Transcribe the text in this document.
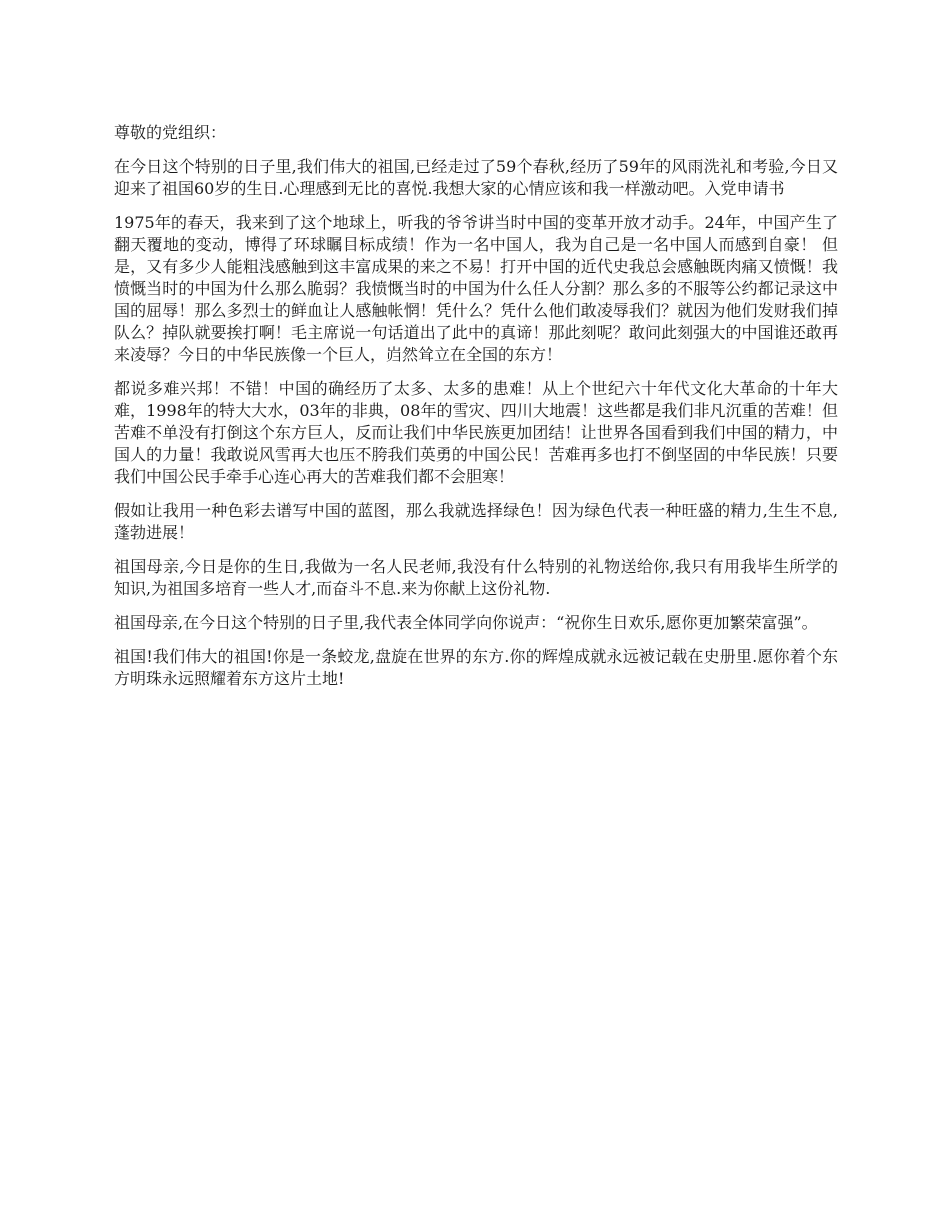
尊敬的党组织：

在今日这个特别的日子里,我们伟大的祖国,已经走过了59个春秋,经历了59年的风雨洗礼和考验,今日又迎来了祖国60岁的生日.心理感到无比的喜悦.我想大家的心情应该和我一样激动吧。入党申请书

1975年的春天，我来到了这个地球上，听我的爷爷讲当时中国的变革开放才动手。24年，中国产生了翻天覆地的变动，博得了环球瞩目标成绩！作为一名中国人，我为自己是一名中国人而感到自豪！ 但是，又有多少人能粗浅感触到这丰富成果的来之不易！打开中国的近代史我总会感触既肉痛又愤慨！我愤慨当时的中国为什么那么脆弱？我愤慨当时的中国为什么任人分割？那么多的不服等公约都记录这中国的屈辱！那么多烈士的鲜血让人感触帐惘！凭什么？凭什么他们敢凌辱我们？就因为他们发财我们掉队么？掉队就要挨打啊！毛主席说一句话道出了此中的真谛！那此刻呢？敢问此刻强大的中国谁还敢再来凌辱？今日的中华民族像一个巨人，岿然耸立在全国的东方！

都说多难兴邦！不错！中国的确经历了太多、太多的患难！从上个世纪六十年代文化大革命的十年大难，1998年的特大大水，03年的非典，08年的雪灾、四川大地震！这些都是我们非凡沉重的苦难！但苦难不单没有打倒这个东方巨人，反而让我们中华民族更加团结！让世界各国看到我们中国的精力，中国人的力量！我敢说风雪再大也压不胯我们英勇的中国公民！苦难再多也打不倒坚固的中华民族！只要我们中国公民手牵手心连心再大的苦难我们都不会胆寒！

假如让我用一种色彩去谱写中国的蓝图，那么我就选择绿色！因为绿色代表一种旺盛的精力,生生不息,蓬勃进展！

祖国母亲,今日是你的生日,我做为一名人民老师,我没有什么特别的礼物送给你,我只有用我毕生所学的知识,为祖国多培育一些人才,而奋斗不息.来为你献上这份礼物.

祖国母亲,在今日这个特别的日子里,我代表全体同学向你说声：“祝你生日欢乐,愿你更加繁荣富强”。

祖国!我们伟大的祖国!你是一条蛟龙,盘旋在世界的东方.你的辉煌成就永远被记载在史册里.愿你着个东方明珠永远照耀着东方这片土地!
